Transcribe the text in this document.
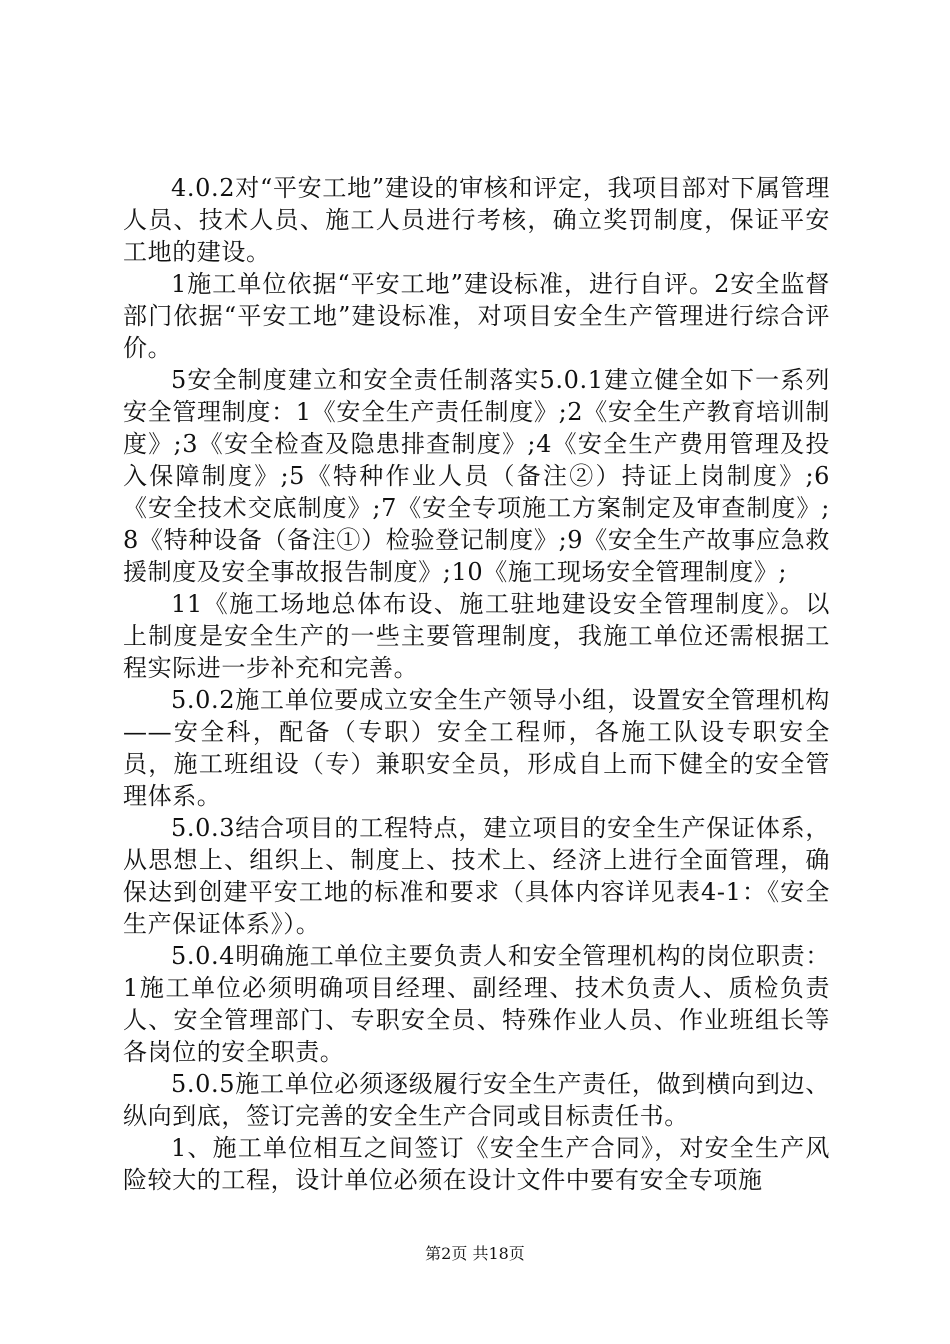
4.0.2对“平安工地”建设的审核和评定，我项目部对下属管理人员、技术人员、施工人员进行考核，确立奖罚制度，保证平安工地的建设。

1施工单位依据“平安工地”建设标准，进行自评。2安全监督部门依据“平安工地”建设标准，对项目安全生产管理进行综合评价。

5安全制度建立和安全责任制落实5.0.1建立健全如下一系列安全管理制度：1《安全生产责任制度》;2《安全生产教育培训制度》;3《安全检查及隐患排查制度》;4《安全生产费用管理及投入保障制度》;5《特种作业人员（备注②）持证上岗制度》;6《安全技术交底制度》;7《安全专项施工方案制定及审查制度》;8《特种设备（备注①）检验登记制度》;9《安全生产故事应急救援制度及安全事故报告制度》;10《施工现场安全管理制度》;

11《施工场地总体布设、施工驻地建设安全管理制度》。以上制度是安全生产的一些主要管理制度，我施工单位还需根据工程实际进一步补充和完善。

5.0.2施工单位要成立安全生产领导小组，设置安全管理机构——安全科，配备（专职）安全工程师，各施工队设专职安全员，施工班组设（专）兼职安全员，形成自上而下健全的安全管理体系。

5.0.3结合项目的工程特点，建立项目的安全生产保证体系，从思想上、组织上、制度上、技术上、经济上进行全面管理，确保达到创建平安工地的标准和要求（具体内容详见表4-1：《安全生产保证体系》）。

5.0.4明确施工单位主要负责人和安全管理机构的岗位职责：1施工单位必须明确项目经理、副经理、技术负责人、质检负责人、安全管理部门、专职安全员、特殊作业人员、作业班组长等各岗位的安全职责。

5.0.5施工单位必须逐级履行安全生产责任，做到横向到边、纵向到底，签订完善的安全生产合同或目标责任书。

1、施工单位相互之间签订《安全生产合同》，对安全生产风险较大的工程，设计单位必须在设计文件中要有安全专项施

第2页 共18页
